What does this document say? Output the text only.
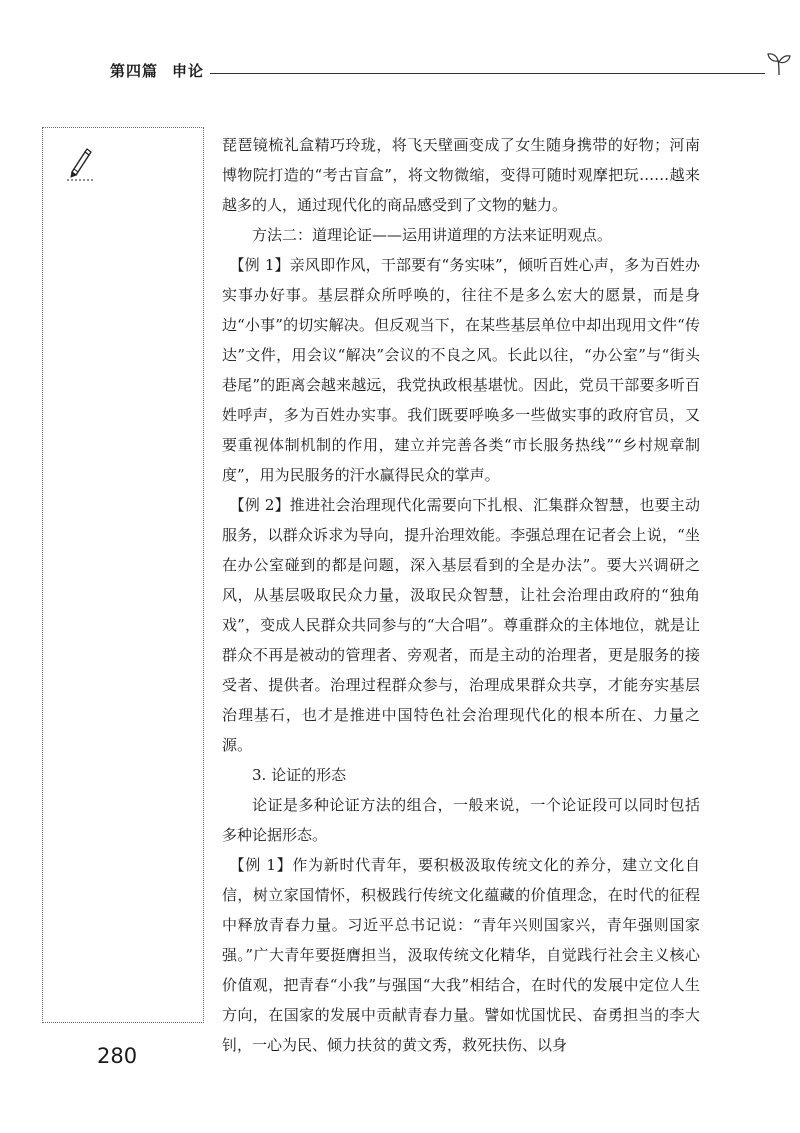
第四篇 申论

琵琶镜梳礼盒精巧玲珑，将飞天壁画变成了女生随身携带的好物；河南博物院打造的“考古盲盒”，将文物微缩，变得可随时观摩把玩……越来越多的人，通过现代化的商品感受到了文物的魅力。

方法二：道理论证——运用讲道理的方法来证明观点。

【例 1】亲风即作风，干部要有“务实味”，倾听百姓心声，多为百姓办实事办好事。基层群众所呼唤的，往往不是多么宏大的愿景，而是身边“小事”的切实解决。但反观当下，在某些基层单位中却出现用文件“传达”文件，用会议“解决”会议的不良之风。长此以往，“办公室”与“街头巷尾”的距离会越来越远，我党执政根基堪忧。因此，党员干部要多听百姓呼声，多为百姓办实事。我们既要呼唤多一些做实事的政府官员，又要重视体制机制的作用，建立并完善各类“市长服务热线”“乡村规章制度”，用为民服务的汗水赢得民众的掌声。

【例 2】推进社会治理现代化需要向下扎根、汇集群众智慧，也要主动服务，以群众诉求为导向，提升治理效能。李强总理在记者会上说，“坐在办公室碰到的都是问题，深入基层看到的全是办法”。要大兴调研之风，从基层吸取民众力量，汲取民众智慧，让社会治理由政府的“独角戏”，变成人民群众共同参与的“大合唱”。尊重群众的主体地位，就是让群众不再是被动的管理者、旁观者，而是主动的治理者，更是服务的接受者、提供者。治理过程群众参与，治理成果群众共享，才能夯实基层治理基石，也才是推进中国特色社会治理现代化的根本所在、力量之源。

3. 论证的形态

论证是多种论证方法的组合，一般来说，一个论证段可以同时包括多种论据形态。

【例 1】作为新时代青年，要积极汲取传统文化的养分，建立文化自信，树立家国情怀，积极践行传统文化蕴藏的价值理念，在时代的征程中释放青春力量。习近平总书记说：“青年兴则国家兴，青年强则国家强。”广大青年要挺膺担当，汲取传统文化精华，自觉践行社会主义核心价值观，把青春“小我”与强国“大我”相结合，在时代的发展中定位人生方向，在国家的发展中贡献青春力量。譬如忧国忧民、奋勇担当的李大钊，一心为民、倾力扶贫的黄文秀，救死扶伤、以身

280
